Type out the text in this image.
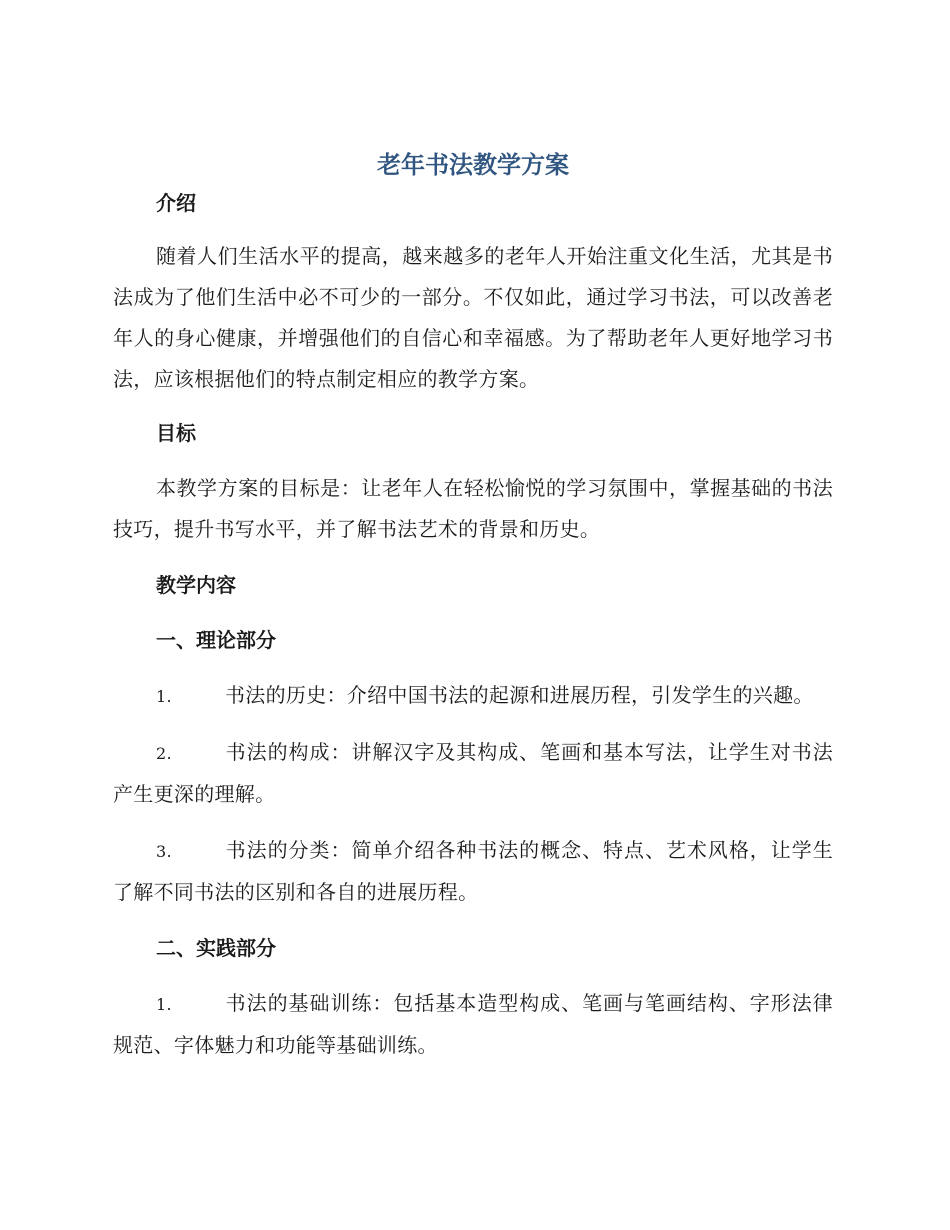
老年书法教学方案
介绍

随着人们生活水平的提高，越来越多的老年人开始注重文化生活，尤其是书法成为了他们生活中必不可少的一部分。不仅如此，通过学习书法，可以改善老年人的身心健康，并增强他们的自信心和幸福感。为了帮助老年人更好地学习书法，应该根据他们的特点制定相应的教学方案。

目标

本教学方案的目标是：让老年人在轻松愉悦的学习氛围中，掌握基础的书法技巧，提升书写水平，并了解书法艺术的背景和历史。

教学内容
一、理论部分

1.	书法的历史：介绍中国书法的起源和进展历程，引发学生的兴趣。

2.	书法的构成：讲解汉字及其构成、笔画和基本写法，让学生对书法产生更深的理解。

3.	书法的分类：简单介绍各种书法的概念、特点、艺术风格，让学生了解不同书法的区别和各自的进展历程。

二、实践部分

1.	书法的基础训练：包括基本造型构成、笔画与笔画结构、字形法律规范、字体魅力和功能等基础训练。
